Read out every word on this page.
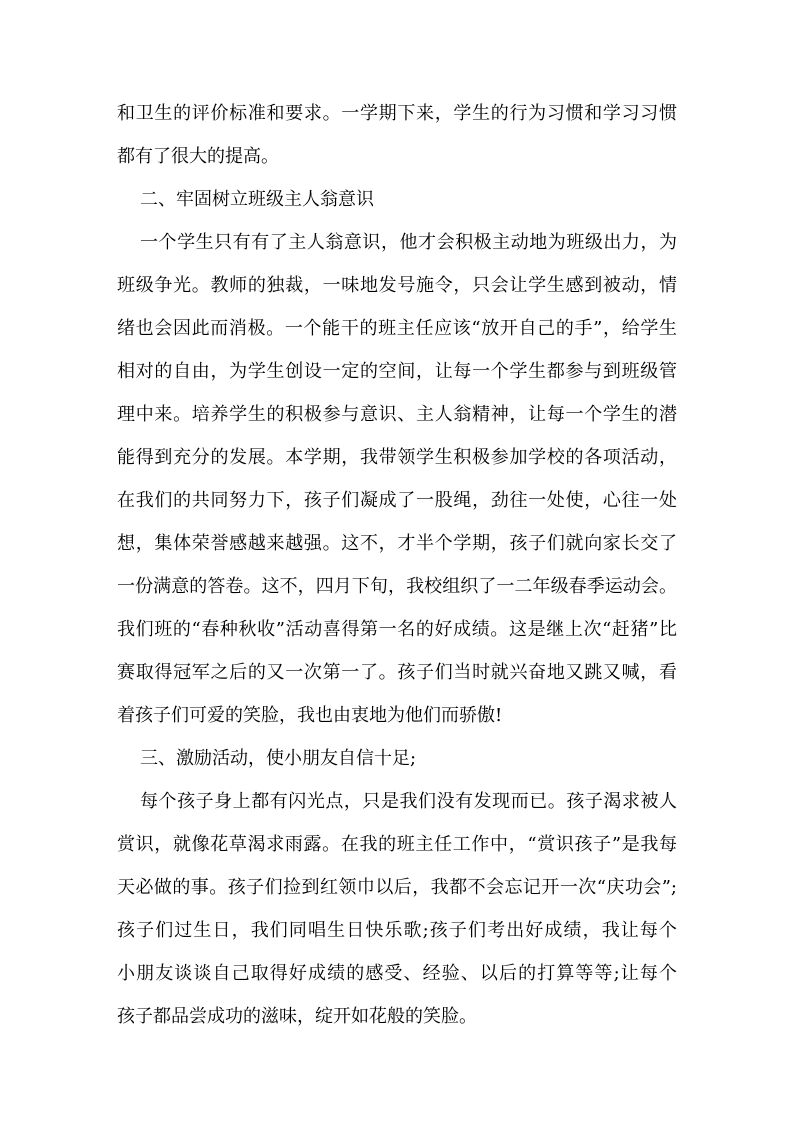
和卫生的评价标准和要求。一学期下来，学生的行为习惯和学习习惯
都有了很大的提高。
二、牢固树立班级主人翁意识
一个学生只有有了主人翁意识，他才会积极主动地为班级出力，为
班级争光。教师的独裁，一味地发号施令，只会让学生感到被动，情
绪也会因此而消极。一个能干的班主任应该“放开自己的手”，给学生
相对的自由，为学生创设一定的空间，让每一个学生都参与到班级管
理中来。培养学生的积极参与意识、主人翁精神，让每一个学生的潜
能得到充分的发展。本学期，我带领学生积极参加学校的各项活动，
在我们的共同努力下，孩子们凝成了一股绳，劲往一处使，心往一处
想，集体荣誉感越来越强。这不，才半个学期，孩子们就向家长交了
一份满意的答卷。这不，四月下旬，我校组织了一二年级春季运动会。
我们班的“春种秋收”活动喜得第一名的好成绩。这是继上次“赶猪”比
赛取得冠军之后的又一次第一了。孩子们当时就兴奋地又跳又喊，看
着孩子们可爱的笑脸，我也由衷地为他们而骄傲!
三、激励活动，使小朋友自信十足;
每个孩子身上都有闪光点，只是我们没有发现而已。孩子渴求被人
赏识，就像花草渴求雨露。在我的班主任工作中，“赏识孩子”是我每
天必做的事。孩子们捡到红领巾以后，我都不会忘记开一次“庆功会”;
孩子们过生日，我们同唱生日快乐歌;孩子们考出好成绩，我让每个
小朋友谈谈自己取得好成绩的感受、经验、以后的打算等等;让每个
孩子都品尝成功的滋味，绽开如花般的笑脸。
